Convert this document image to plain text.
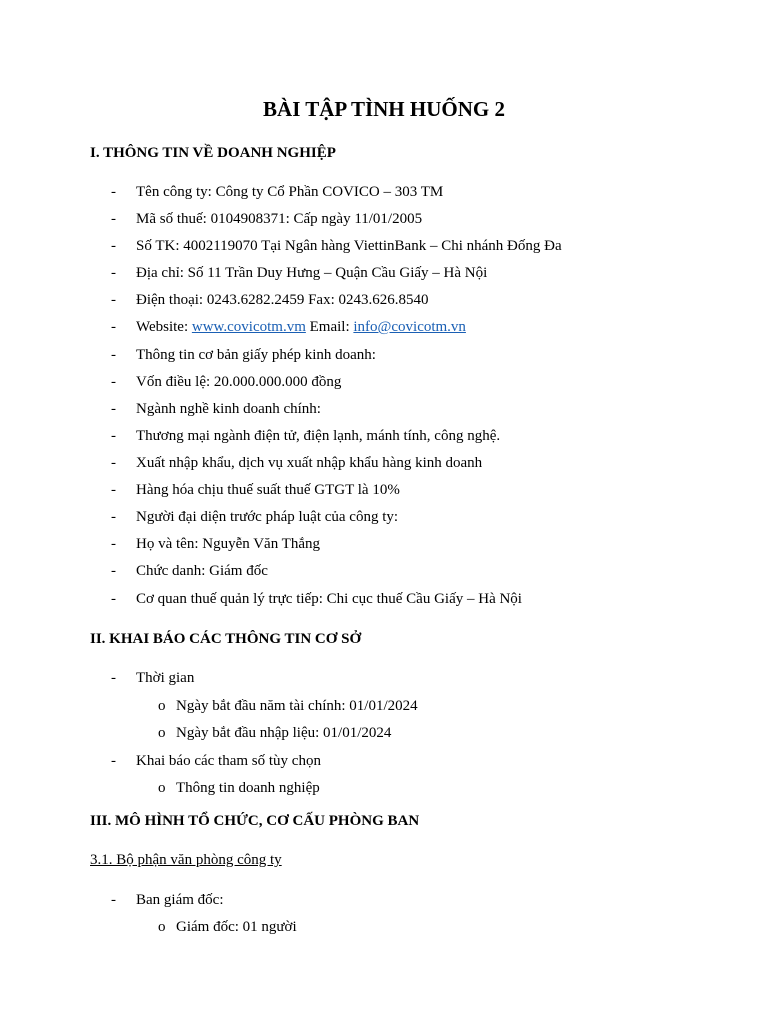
BÀI TẬP TÌNH HUỐNG 2
I. THÔNG TIN VỀ DOANH NGHIỆP
- Tên công ty: Công ty Cổ Phần COVICO – 303 TM
- Mã số thuế: 0104908371: Cấp ngày 11/01/2005
- Số TK: 4002119070 Tại Ngân hàng ViettinBank – Chi nhánh Đống Đa
- Địa chỉ: Số 11 Trần Duy Hưng – Quận Cầu Giấy – Hà Nội
- Điện thoại: 0243.6282.2459 Fax: 0243.626.8540
- Website: www.covicotm.vm Email: info@covicotm.vn
- Thông tin cơ bản giấy phép kinh doanh:
- Vốn điều lệ: 20.000.000.000 đồng
- Ngành nghề kinh doanh chính:
- Thương mại ngành điện tử, điện lạnh, mánh tính, công nghệ.
- Xuất nhập khẩu, dịch vụ xuất nhập khẩu hàng kinh doanh
- Hàng hóa chịu thuế suất thuế GTGT là 10%
- Người đại diện trước pháp luật của công ty:
- Họ và tên: Nguyễn Văn Thắng
- Chức danh: Giám đốc
- Cơ quan thuế quản lý trực tiếp: Chi cục thuế Cầu Giấy – Hà Nội
II. KHAI BÁO CÁC THÔNG TIN CƠ SỞ
- Thời gian
o Ngày bắt đầu năm tài chính: 01/01/2024
o Ngày bắt đầu nhập liệu: 01/01/2024
- Khai báo các tham số tùy chọn
o Thông tin doanh nghiệp
III. MÔ HÌNH TỔ CHỨC, CƠ CẤU PHÒNG BAN
3.1. Bộ phận văn phòng công ty
- Ban giám đốc:
o Giám đốc: 01 người
